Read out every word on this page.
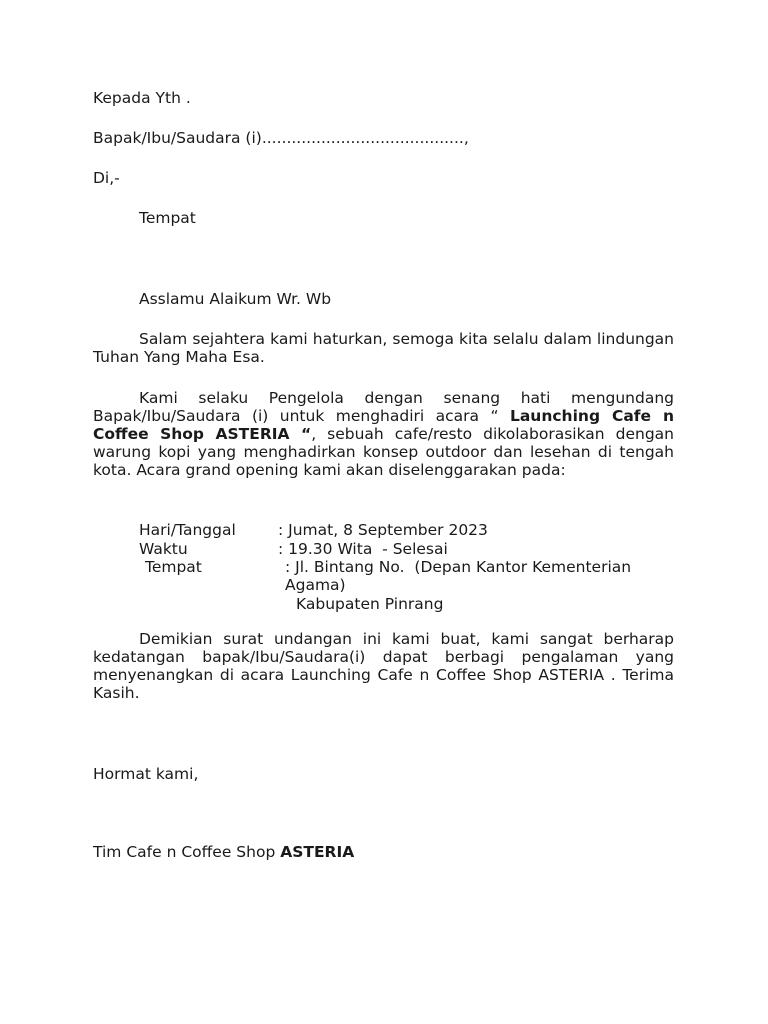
Kepada Yth .
Bapak/Ibu/Saudara (i).........................................,
Di,-
Tempat
Asslamu Alaikum Wr. Wb
Salam sejahtera kami haturkan, semoga kita selalu dalam lindungan Tuhan Yang Maha Esa.
Kami selaku Pengelola dengan senang hati mengundang Bapak/Ibu/Saudara (i) untuk menghadiri acara “ Launching Cafe n Coffee Shop ASTERIA “, sebuah cafe/resto dikolaborasikan dengan warung kopi yang menghadirkan konsep outdoor dan lesehan di tengah kota. Acara grand opening kami akan diselenggarakan pada:
Hari/Tanggal	: Jumat, 8 September 2023
Waktu	: 19.30 Wita  - Selesai
Tempat	: Jl. Bintang No.  (Depan Kantor Kementerian
Agama)
Kabupaten Pinrang
Demikian surat undangan ini kami buat, kami sangat berharap kedatangan bapak/Ibu/Saudara(i) dapat berbagi pengalaman yang menyenangkan di acara Launching Cafe n Coffee Shop ASTERIA . Terima Kasih.
Hormat kami,
Tim Cafe n Coffee Shop ASTERIA
